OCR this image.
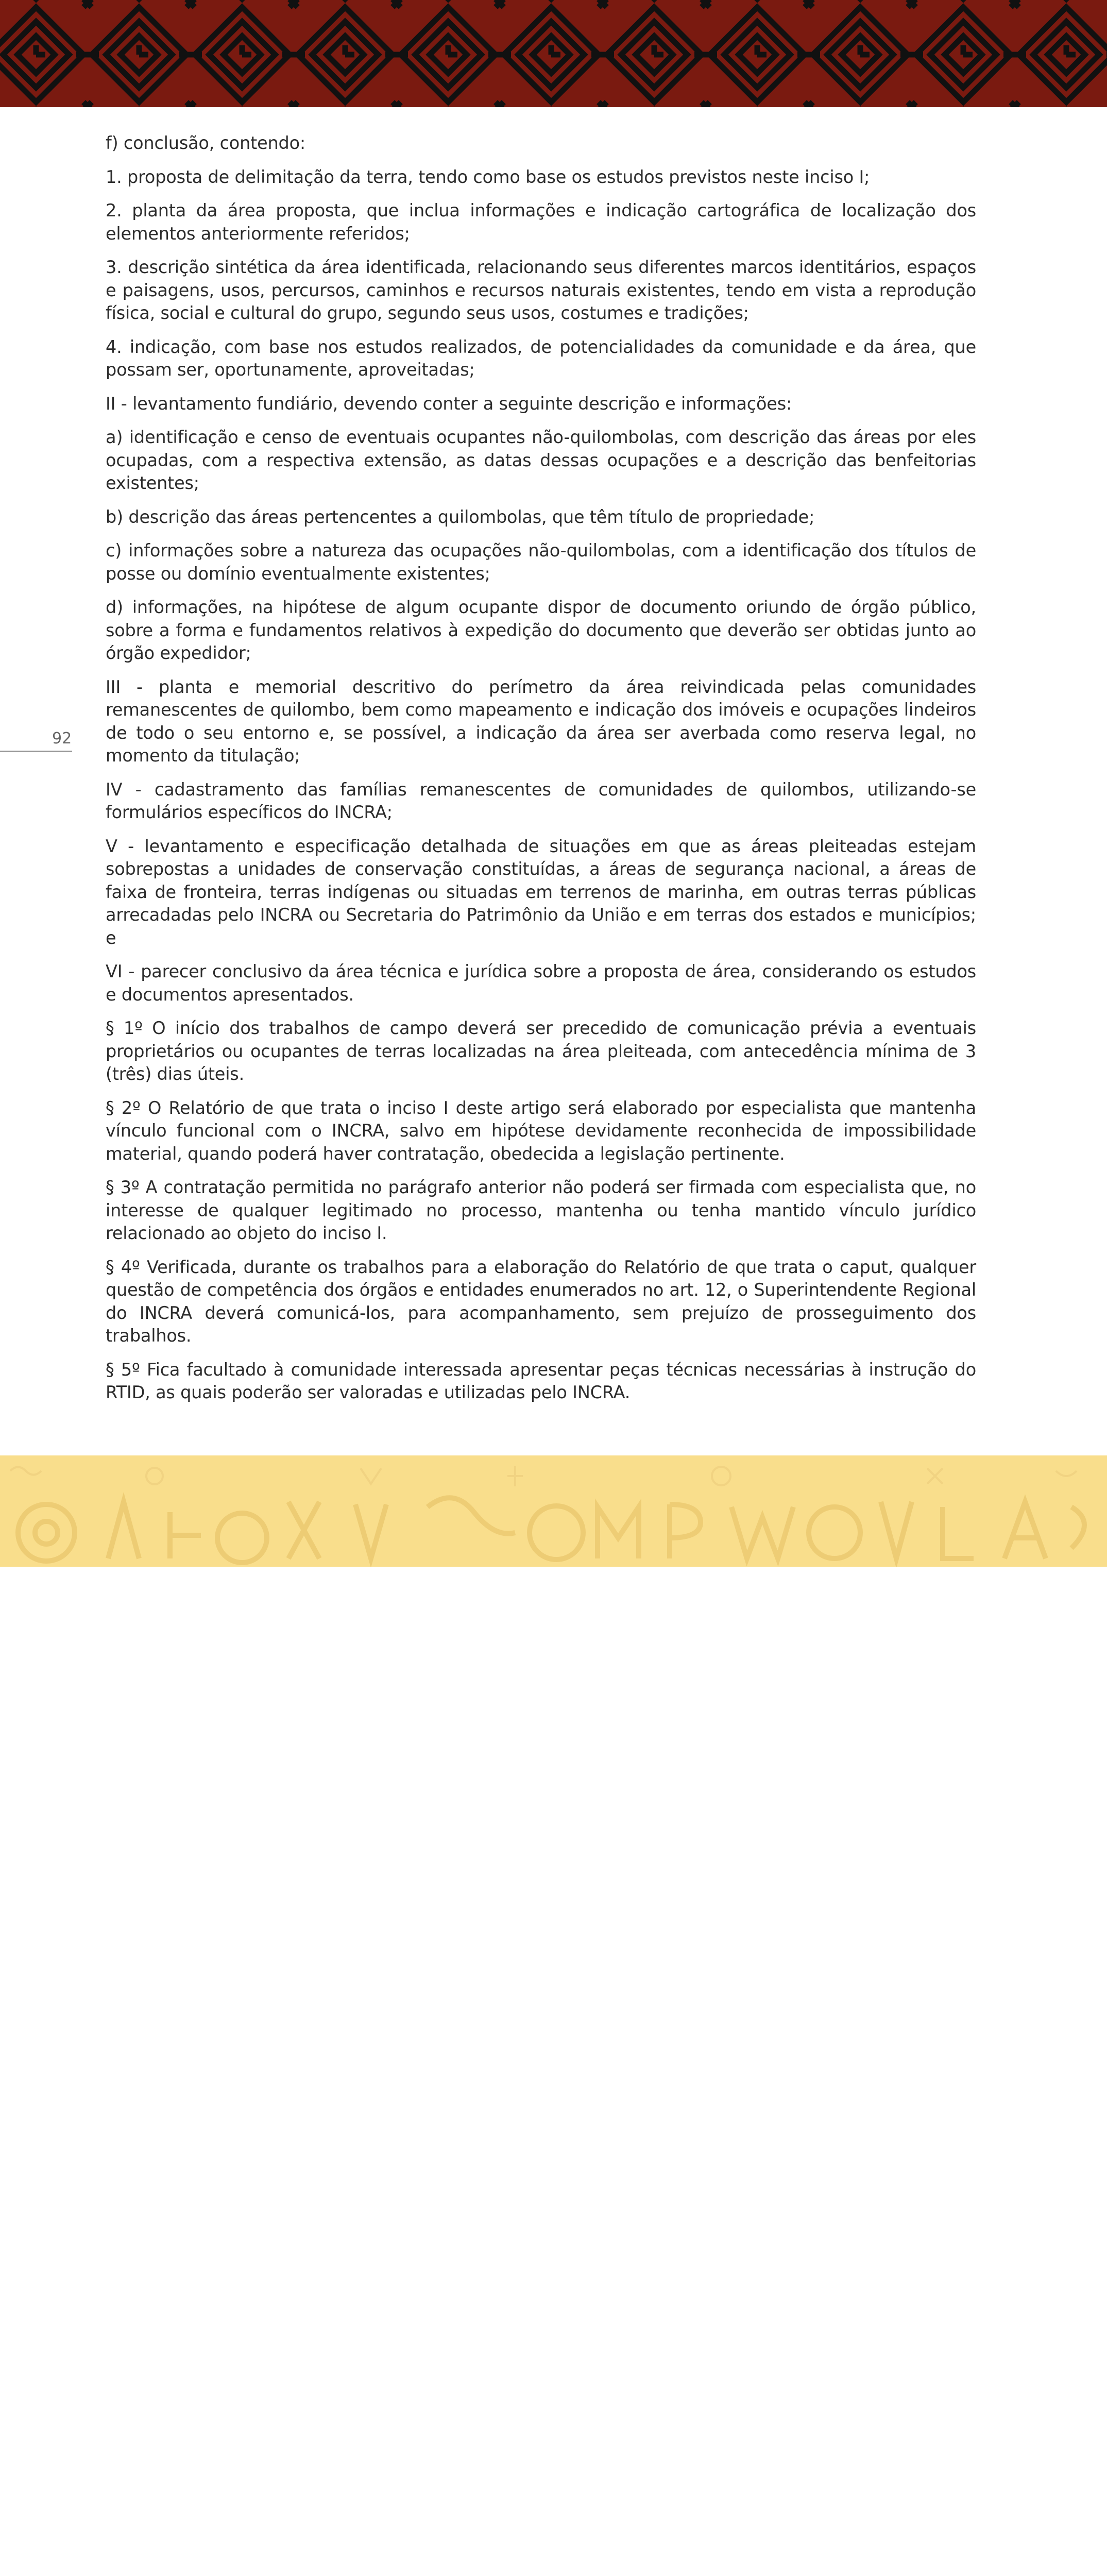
92

f) conclusão, contendo:

1. proposta de delimitação da terra, tendo como base os estudos previstos neste inciso I;

2. planta da área proposta, que inclua informações e indicação cartográfica de localização dos elementos anteriormente referidos;

3. descrição sintética da área identificada, relacionando seus diferentes marcos identitários, espaços e paisagens, usos, percursos, caminhos e recursos naturais existentes, tendo em vista a reprodução física, social e cultural do grupo, segundo seus usos, costumes e tradições;

4. indicação, com base nos estudos realizados, de potencialidades da comunidade e da área, que possam ser, oportunamente, aproveitadas;

II - levantamento fundiário, devendo conter a seguinte descrição e informações:

a) identificação e censo de eventuais ocupantes não-quilombolas, com descrição das áreas por eles ocupadas, com a respectiva extensão, as datas dessas ocupações e a descrição das benfeitorias existentes;

b) descrição das áreas pertencentes a quilombolas, que têm título de propriedade;

c) informações sobre a natureza das ocupações não-quilombolas, com a identificação dos títulos de posse ou domínio eventualmente existentes;

d) informações, na hipótese de algum ocupante dispor de documento oriundo de órgão público, sobre a forma e fundamentos relativos à expedição do documento que deverão ser obtidas junto ao órgão expedidor;

III - planta e memorial descritivo do perímetro da área reivindicada pelas comunidades remanescentes de quilombo, bem como mapeamento e indicação dos imóveis e ocupações lindeiros de todo o seu entorno e, se possível, a indicação da área ser averbada como reserva legal, no momento da titulação;

IV - cadastramento das famílias remanescentes de comunidades de quilombos, utilizando-se formulários específicos do INCRA;

V - levantamento e especificação detalhada de situações em que as áreas pleiteadas estejam sobrepostas a unidades de conservação constituídas, a áreas de segurança nacional, a áreas de faixa de fronteira, terras indígenas ou situadas em terrenos de marinha, em outras terras públicas arrecadadas pelo INCRA ou Secretaria do Patrimônio da União e em terras dos estados e municípios; e

VI - parecer conclusivo da área técnica e jurídica sobre a proposta de área, considerando os estudos e documentos apresentados.

§ 1º O início dos trabalhos de campo deverá ser precedido de comunicação prévia a eventuais proprietários ou ocupantes de terras localizadas na área pleiteada, com antecedência mínima de 3 (três) dias úteis.

§ 2º O Relatório de que trata o inciso I deste artigo será elaborado por especialista que mantenha vínculo funcional com o INCRA, salvo em hipótese devidamente reconhecida de impossibilidade material, quando poderá haver contratação, obedecida a legislação pertinente.

§ 3º A contratação permitida no parágrafo anterior não poderá ser firmada com especialista que, no interesse de qualquer legitimado no processo, mantenha ou tenha mantido vínculo jurídico relacionado ao objeto do inciso I.

§ 4º Verificada, durante os trabalhos para a elaboração do Relatório de que trata o caput, qualquer questão de competência dos órgãos e entidades enumerados no art. 12, o Superintendente Regional do INCRA deverá comunicá-los, para acompanhamento, sem prejuízo de prosseguimento dos trabalhos.

§ 5º Fica facultado à comunidade interessada apresentar peças técnicas necessárias à instrução do RTID, as quais poderão ser valoradas e utilizadas pelo INCRA.
